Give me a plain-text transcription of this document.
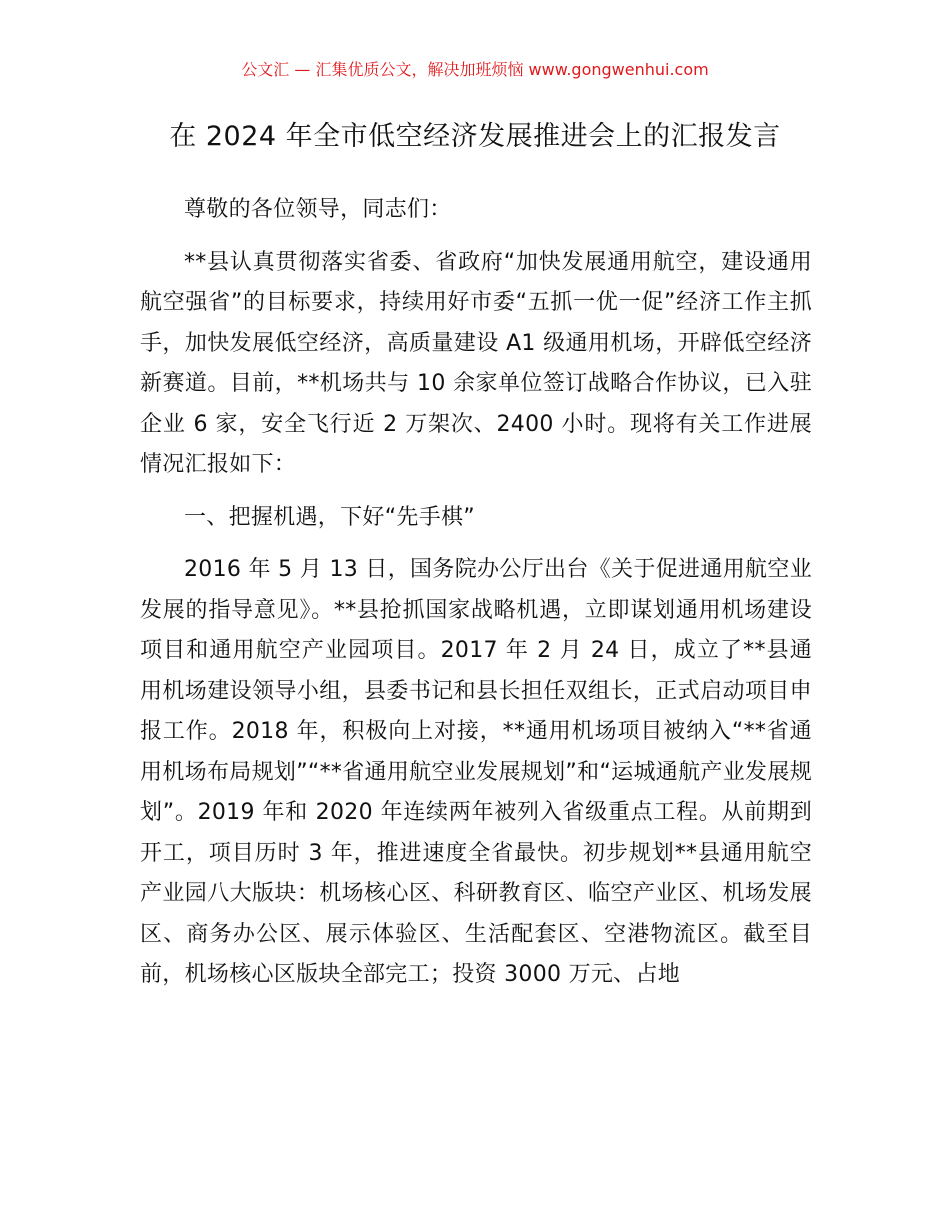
公文汇 — 汇集优质公文，解决加班烦恼 www.gongwenhui.com
在 2024 年全市低空经济发展推进会上的汇报发言

尊敬的各位领导，同志们：

**县认真贯彻落实省委、省政府“加快发展通用航空，建设通用航空强省”的目标要求，持续用好市委“五抓一优一促”经济工作主抓手，加快发展低空经济，高质量建设 A1 级通用机场，开辟低空经济新赛道。目前，**机场共与 10 余家单位签订战略合作协议，已入驻企业 6 家，安全飞行近 2 万架次、2400 小时。现将有关工作进展情况汇报如下：

一、把握机遇，下好“先手棋”

2016 年 5 月 13 日，国务院办公厅出台《关于促进通用航空业发展的指导意见》。**县抢抓国家战略机遇，立即谋划通用机场建设项目和通用航空产业园项目。2017 年 2 月 24 日，成立了**县通用机场建设领导小组，县委书记和县长担任双组长，正式启动项目申报工作。2018 年，积极向上对接，**通用机场项目被纳入“**省通用机场布局规划”“**省通用航空业发展规划”和“运城通航产业发展规划”。2019 年和 2020 年连续两年被列入省级重点工程。从前期到开工，项目历时 3 年，推进速度全省最快。初步规划**县通用航空产业园八大版块：机场核心区、科研教育区、临空产业区、机场发展区、商务办公区、展示体验区、生活配套区、空港物流区。截至目前，机场核心区版块全部完工；投资 3000 万元、占地
